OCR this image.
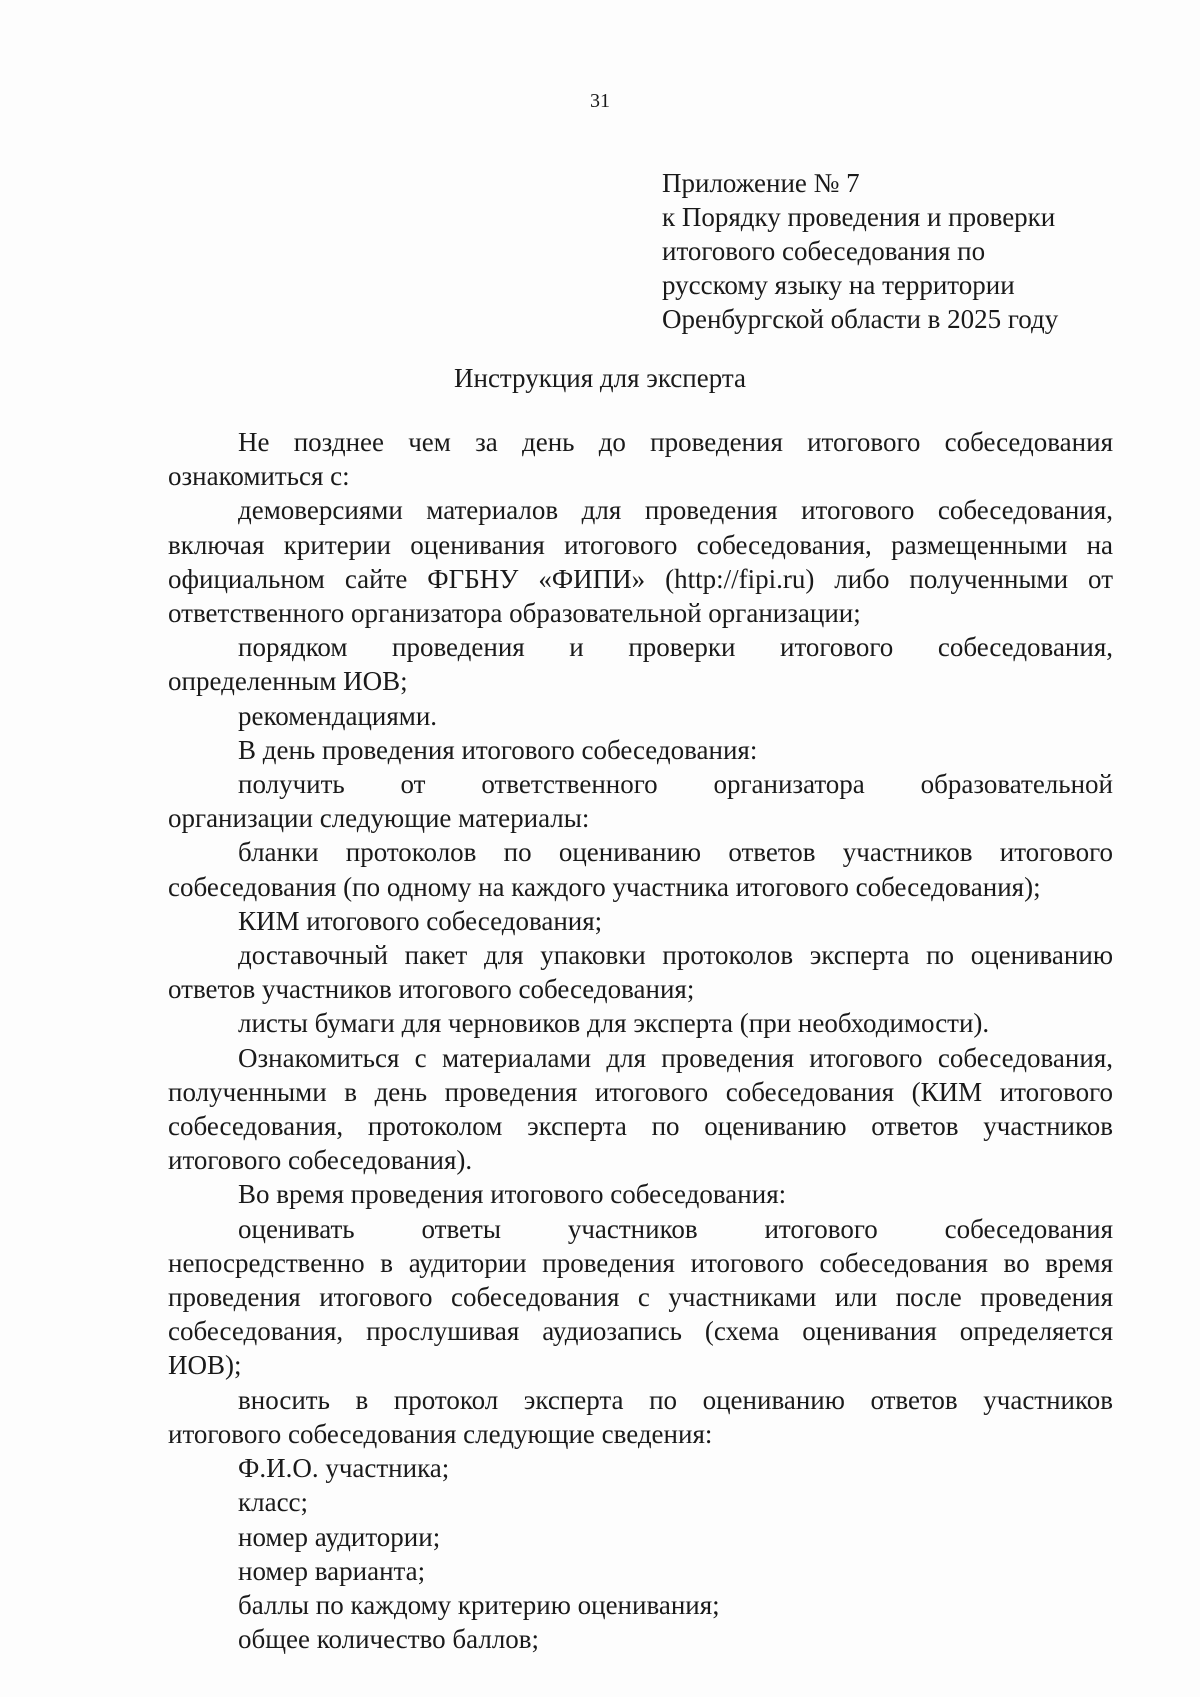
31
Приложение № 7
к Порядку проведения и проверки
итогового собеседования по
русскому языку на территории
Оренбургской области в 2025 году
Инструкция для эксперта
Не позднее чем за день до проведения итогового собеседования
ознакомиться с:
демоверсиями материалов для проведения итогового собеседования,
включая критерии оценивания итогового собеседования, размещенными на
официальном сайте ФГБНУ «ФИПИ» (http://fipi.ru) либо полученными от
ответственного организатора образовательной организации;
порядком проведения и проверки итогового собеседования,
определенным ИОВ;
рекомендациями.
В день проведения итогового собеседования:
получить от ответственного организатора образовательной
организации следующие материалы:
бланки протоколов по оцениванию ответов участников итогового
собеседования (по одному на каждого участника итогового собеседования);
КИМ итогового собеседования;
доставочный пакет для упаковки протоколов эксперта по оцениванию
ответов участников итогового собеседования;
листы бумаги для черновиков для эксперта (при необходимости).
Ознакомиться с материалами для проведения итогового собеседования,
полученными в день проведения итогового собеседования (КИМ итогового
собеседования, протоколом эксперта по оцениванию ответов участников
итогового собеседования).
Во время проведения итогового собеседования:
оценивать ответы участников итогового собеседования
непосредственно в аудитории проведения итогового собеседования во время
проведения итогового собеседования с участниками или после проведения
собеседования, прослушивая аудиозапись (схема оценивания определяется
ИОВ);
вносить в протокол эксперта по оцениванию ответов участников
итогового собеседования следующие сведения:
Ф.И.О. участника;
класс;
номер аудитории;
номер варианта;
баллы по каждому критерию оценивания;
общее количество баллов;
